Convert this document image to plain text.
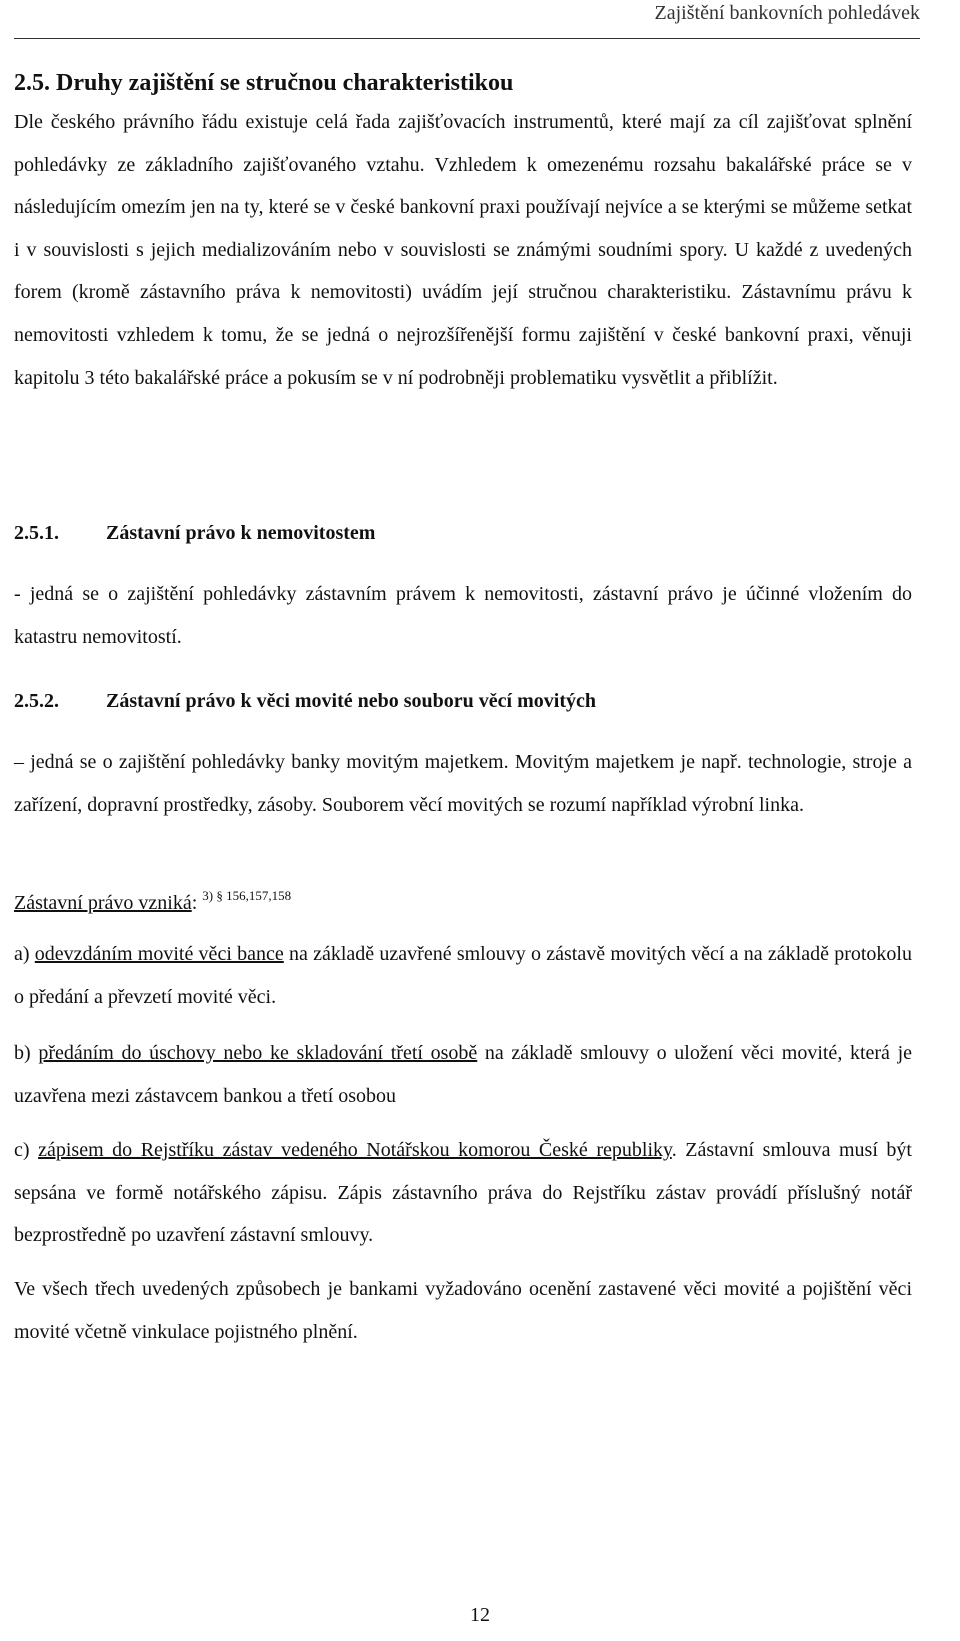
Zajištění bankovních pohledávek
2.5. Druhy zajištění se stručnou charakteristikou

Dle českého právního řádu existuje celá řada zajišťovacích instrumentů, které mají za cíl zajišťovat splnění pohledávky ze základního zajišťovaného vztahu. Vzhledem k omezenému rozsahu bakalářské práce se v následujícím omezím jen na ty, které se v české bankovní praxi používají nejvíce a se kterými se můžeme setkat i v souvislosti s jejich medializováním nebo v souvislosti se známými soudními spory. U každé z uvedených forem (kromě zástavního práva k nemovitosti) uvádím její stručnou charakteristiku. Zástavnímu právu k nemovitosti vzhledem k tomu, že se jedná o nejrozšířenější formu zajištění v české bankovní praxi, věnuji kapitolu 3 této bakalářské práce a pokusím se v ní podrobněji problematiku vysvětlit a přiblížit.

2.5.1. Zástavní právo k nemovitostem

- jedná se o zajištění pohledávky zástavním právem k nemovitosti, zástavní právo je účinné vložením do katastru nemovitostí.

2.5.2. Zástavní právo k věci movité nebo souboru věcí movitých

– jedná se o zajištění pohledávky banky movitým majetkem. Movitým majetkem je např. technologie, stroje a zařízení, dopravní prostředky, zásoby. Souborem věcí movitých se rozumí například výrobní linka.

Zástavní právo vzniká: $^{3) \S 156,157,158}$

a) odevzdáním movité věci bance na základě uzavřené smlouvy o zástavě movitých věcí a na základě protokolu o předání a převzetí movité věci.

b) předáním do úschovy nebo ke skladování třetí osobě na základě smlouvy o uložení věci movité, která je uzavřena mezi zástavcem bankou a třetí osobou

c) zápisem do Rejstříku zástav vedeného Notářskou komorou České republiky. Zástavní smlouva musí být sepsána ve formě notářského zápisu. Zápis zástavního práva do Rejstříku zástav provádí příslušný notář bezprostředně po uzavření zástavní smlouvy.

Ve všech třech uvedených způsobech je bankami vyžadováno ocenění zastavené věci movité a pojištění věci movité včetně vinkulace pojistného plnění.

12
